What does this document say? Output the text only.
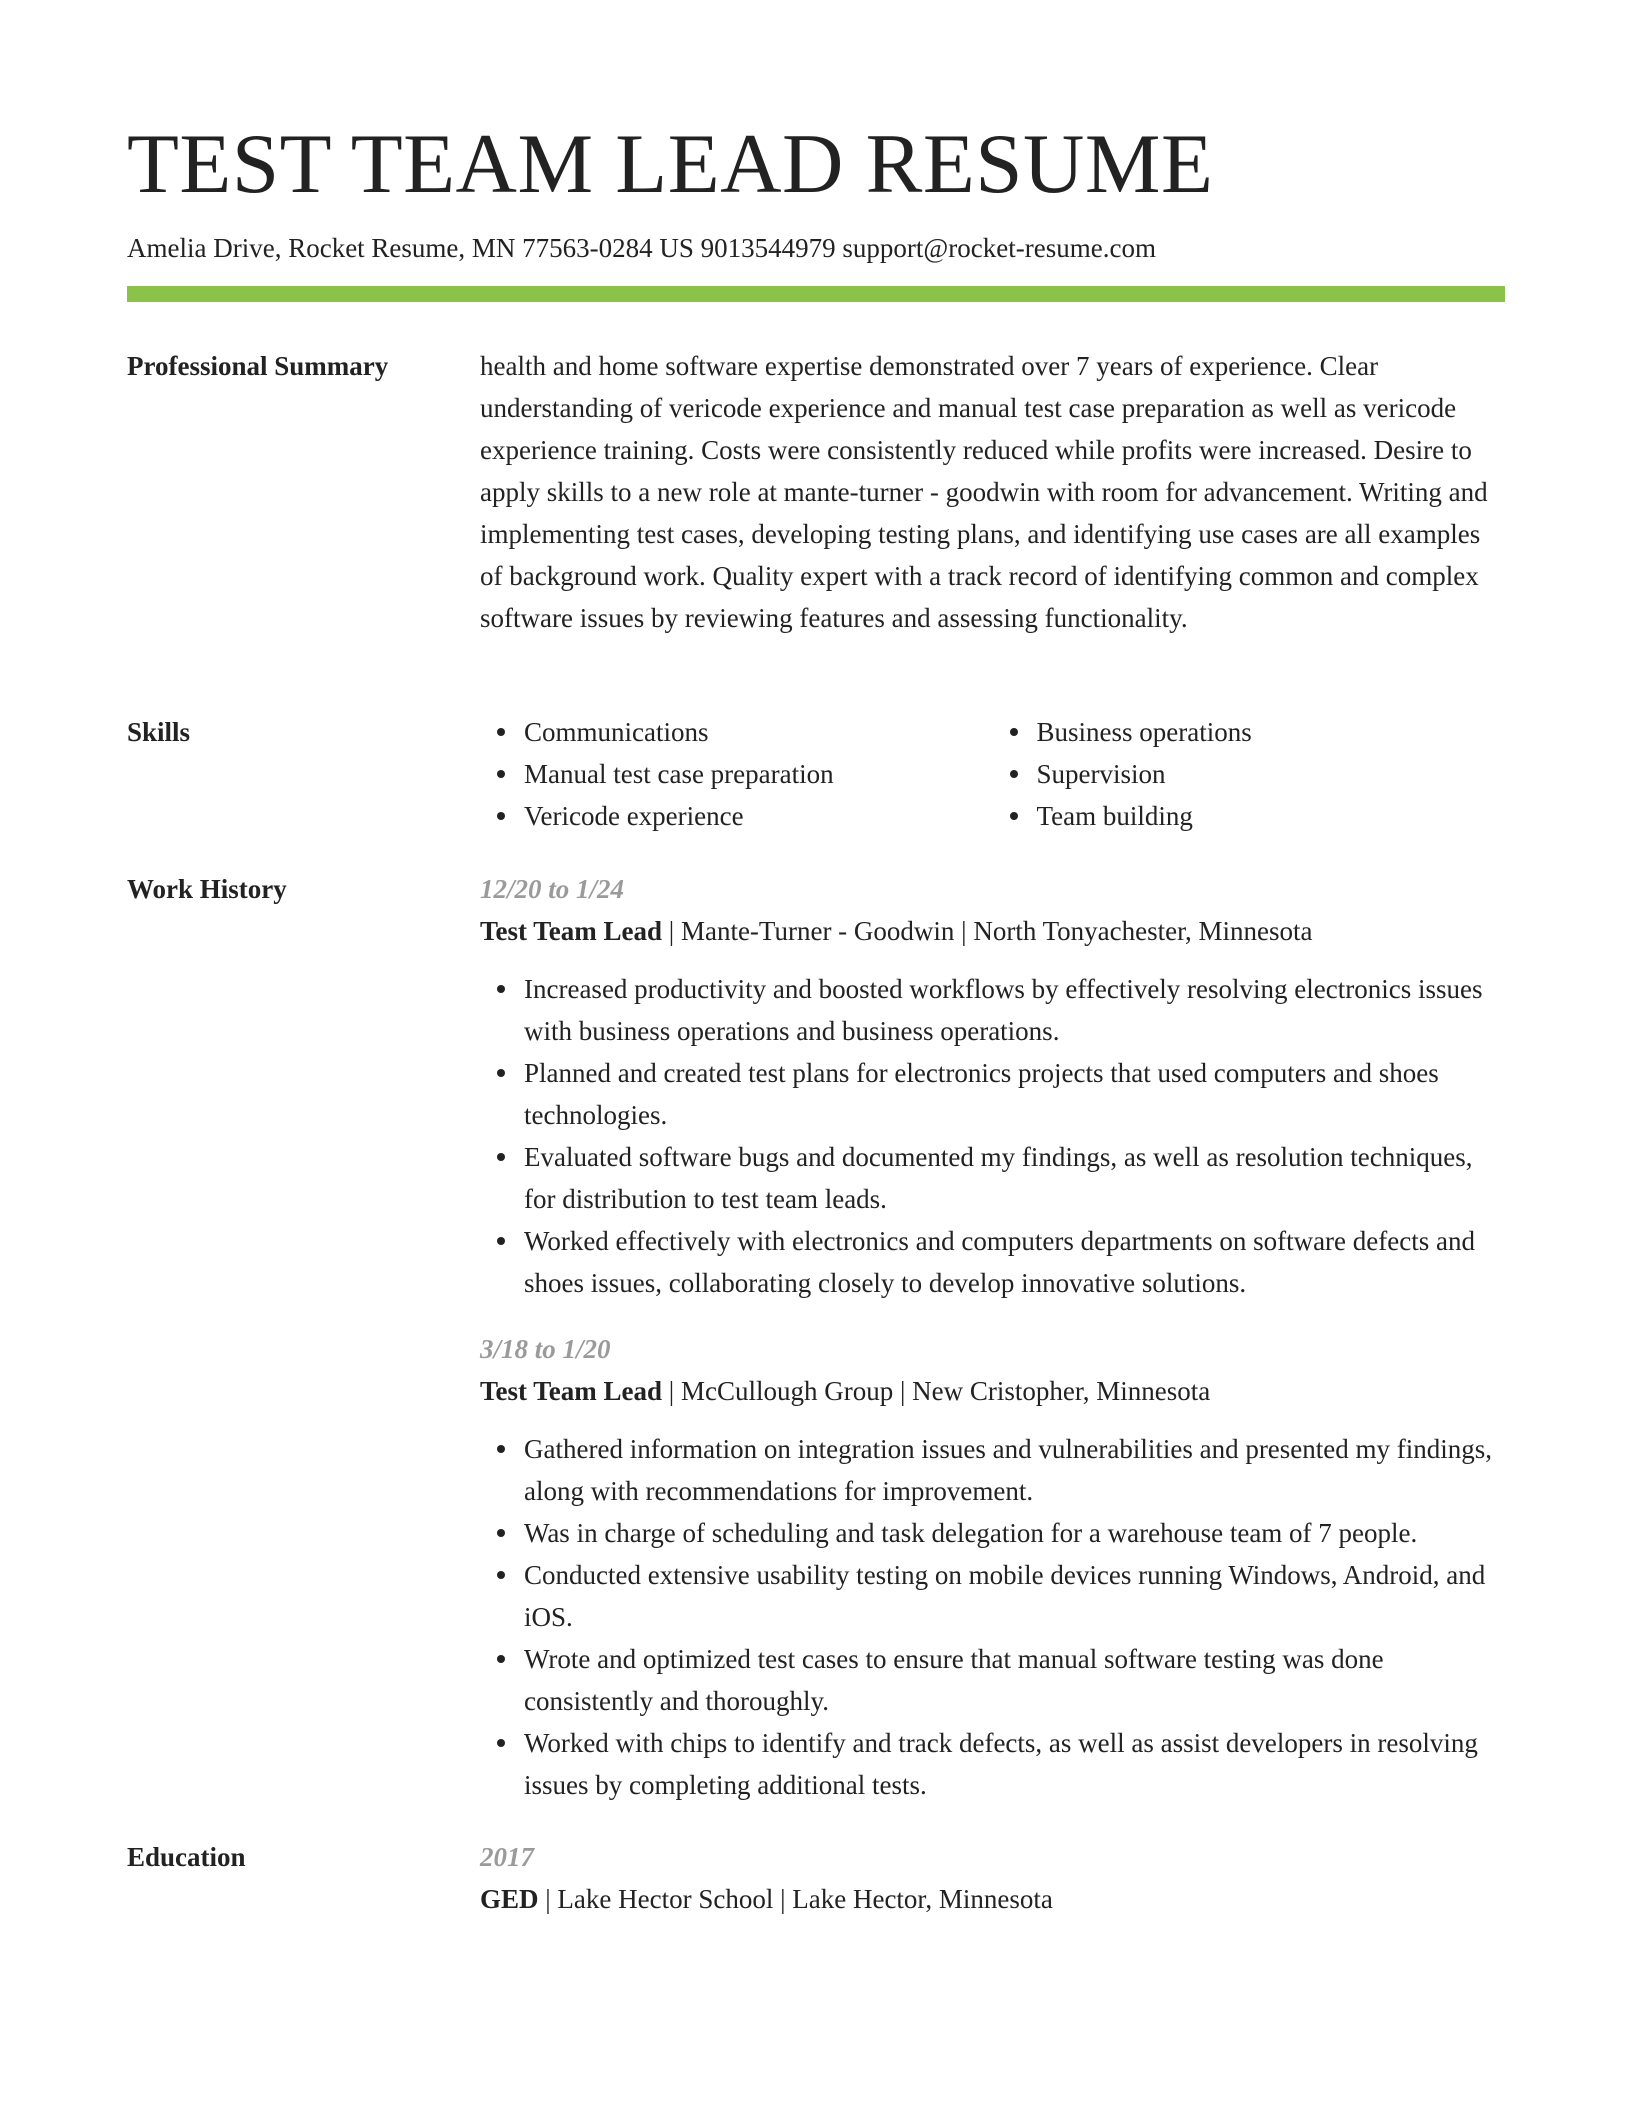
TEST TEAM LEAD RESUME
Amelia Drive, Rocket Resume, MN 77563-0284 US 9013544979 support@rocket-resume.com
Professional Summary	health and home software expertise demonstrated over 7 years of experience. Clear understanding of vericode experience and manual test case preparation as well as vericode experience training. Costs were consistently reduced while profits were increased. Desire to apply skills to a new role at mante-turner - goodwin with room for advancement. Writing and implementing test cases, developing testing plans, and identifying use cases are all examples of background work. Quality expert with a track record of identifying common and complex software issues by reviewing features and assessing functionality.

Skills	Communications
Manual test case preparation
Vericode experience
Business operations
Supervision
Team building
Work History	12/20 to 1/24
Test Team Lead | Mante-Turner - Goodwin | North Tonyachester, Minnesota
Increased productivity and boosted workflows by effectively resolving electronics issues with business operations and business operations.
Planned and created test plans for electronics projects that used computers and shoes technologies.
Evaluated software bugs and documented my findings, as well as resolution techniques, for distribution to test team leads.
Worked effectively with electronics and computers departments on software defects and shoes issues, collaborating closely to develop innovative solutions.
3/18 to 1/20
Test Team Lead | McCullough Group | New Cristopher, Minnesota
Gathered information on integration issues and vulnerabilities and presented my findings, along with recommendations for improvement.
Was in charge of scheduling and task delegation for a warehouse team of 7 people.
Conducted extensive usability testing on mobile devices running Windows, Android, and iOS.
Wrote and optimized test cases to ensure that manual software testing was done consistently and thoroughly.
Worked with chips to identify and track defects, as well as assist developers in resolving issues by completing additional tests.
Education	2017
GED | Lake Hector School | Lake Hector, Minnesota
